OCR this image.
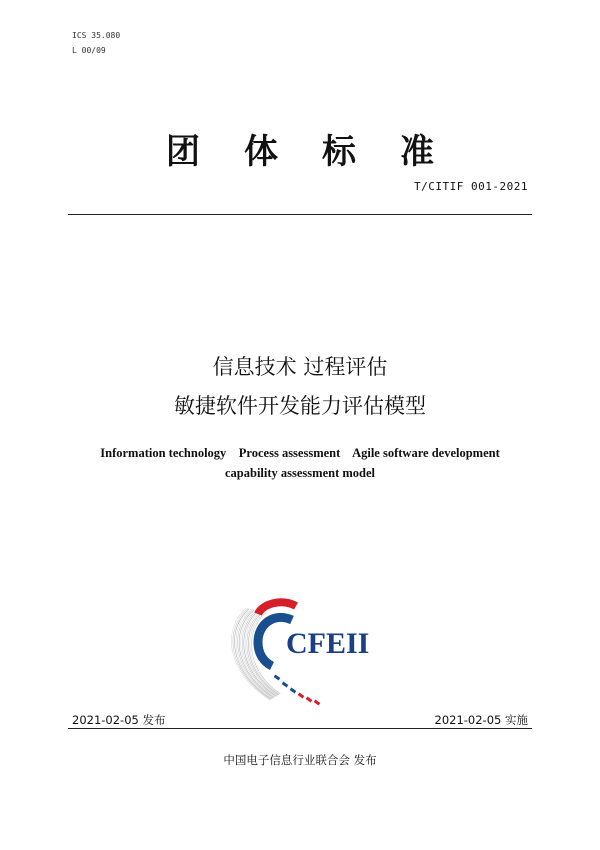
ICS 35.080
L 00/09
团体标准
T/CITIF 001-2021
信息技术 过程评估
敏捷软件开发能力评估模型
Information technology    Process assessment    Agile software development
capability assessment model
CFEII
2021-02-05 发布	2021-02-05 实施
中国电子信息行业联合会 发布
